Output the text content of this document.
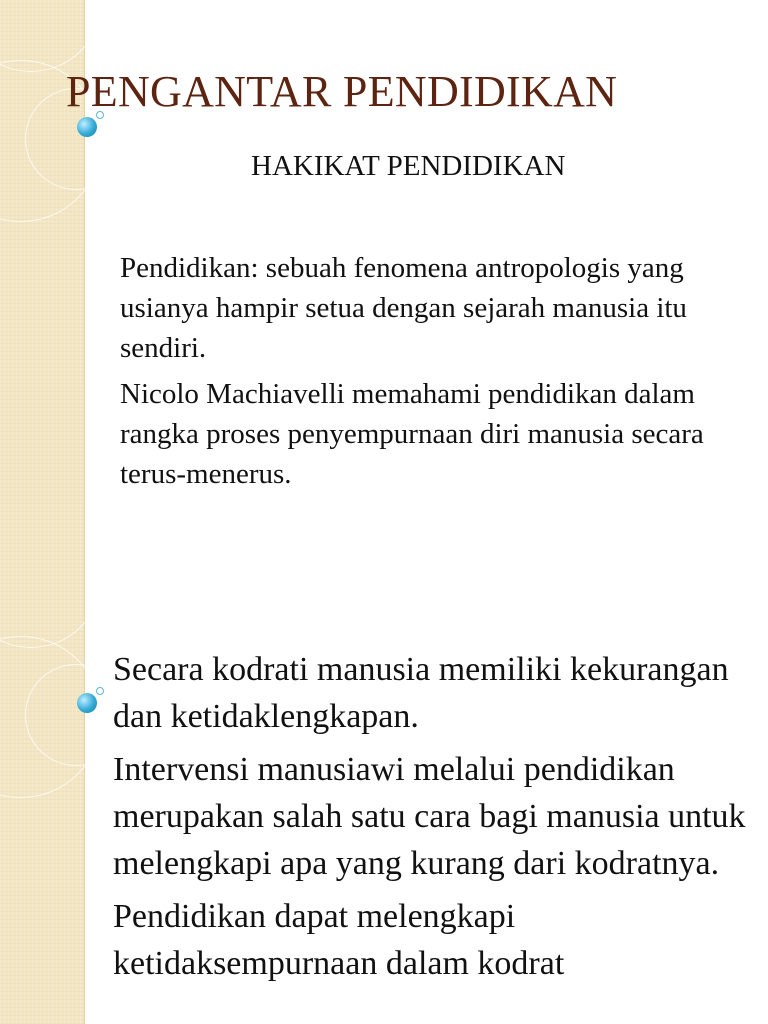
PENGANTAR PENDIDIKAN
HAKIKAT PENDIDIKAN
Pendidikan: sebuah fenomena antropologis yang usianya hampir setua dengan sejarah manusia itu sendiri.
Nicolo Machiavelli memahami pendidikan dalam rangka proses penyempurnaan diri manusia secara terus-menerus.
Secara kodrati manusia memiliki kekurangan dan ketidaklengkapan.
Intervensi manusiawi melalui pendidikan merupakan salah satu cara bagi manusia untuk melengkapi apa yang kurang dari kodratnya.
Pendidikan dapat melengkapi ketidaksempurnaan dalam kodrat
